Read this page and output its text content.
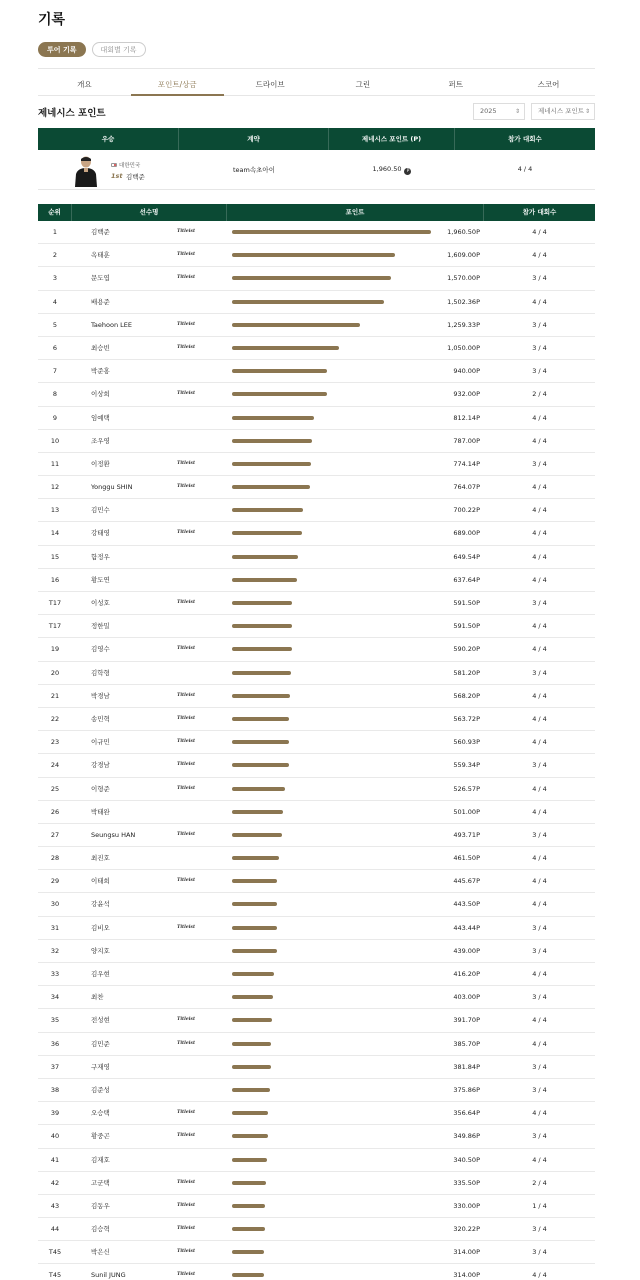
기록
투어 기록	대회별 기록
개요	포인트/상금	드라이브	그린	퍼트	스코어
제네시스 포인트	2025	⇕	제네시스 포인트 ⇕
우승	계약	제네시스 포인트 (P)	참가 대회수
대한민국
1st 김백준
team속초아이	1,960.50 P	4 / 4
순위	선수명	포인트	참가 대회수
1	김백준	Titleist	1,960.50P	4 / 4
2	옥태훈	Titleist	1,609.00P	4 / 4
3	문도엽	Titleist	1,570.00P	3 / 4
4	배용준	1,502.36P	4 / 4
5	Taehoon LEE	Titleist	1,259.33P	3 / 4
6	최승빈	Titleist	1,050.00P	3 / 4
7	박준홍	940.00P	3 / 4
8	이상희	Titleist	932.00P	2 / 4
9	임예택	812.14P	4 / 4
10	조우영	787.00P	4 / 4
11	이정환	Titleist	774.14P	3 / 4
12	Yonggu SHIN	Titleist	764.07P	4 / 4
13	김민수	700.22P	4 / 4
14	강태영	Titleist	689.00P	4 / 4
15	함정우	649.54P	4 / 4
16	황도연	637.64P	4 / 4
T17	이성호	Titleist	591.50P	3 / 4
T17	정한밀	591.50P	4 / 4
19	김영수	Titleist	590.20P	4 / 4
20	김학형	581.20P	3 / 4
21	박경남	Titleist	568.20P	4 / 4
22	송민혁	Titleist	563.72P	4 / 4
23	이규민	Titleist	560.93P	4 / 4
24	강경남	Titleist	559.34P	3 / 4
25	이형준	Titleist	526.57P	4 / 4
26	박태완	501.00P	4 / 4
27	Seungsu HAN	Titleist	493.71P	3 / 4
28	최진호	461.50P	4 / 4
29	이태희	Titleist	445.67P	4 / 4
30	강윤석	443.50P	4 / 4
31	김비오	Titleist	443.44P	3 / 4
32	양지호	439.00P	3 / 4
33	김우현	416.20P	4 / 4
34	최찬	403.00P	3 / 4
35	전성현	Titleist	391.70P	4 / 4
36	김민준	Titleist	385.70P	4 / 4
37	구재영	381.84P	3 / 4
38	김준성	375.86P	3 / 4
39	오승택	Titleist	356.64P	4 / 4
40	황중곤	Titleist	349.86P	3 / 4
41	김재호	340.50P	4 / 4
42	고군택	Titleist	335.50P	2 / 4
43	김동우	Titleist	330.00P	1 / 4
44	김승혁	Titleist	320.22P	3 / 4
T45	박은신	Titleist	314.00P	3 / 4
T45	Sunil JUNG	Titleist	314.00P	4 / 4
